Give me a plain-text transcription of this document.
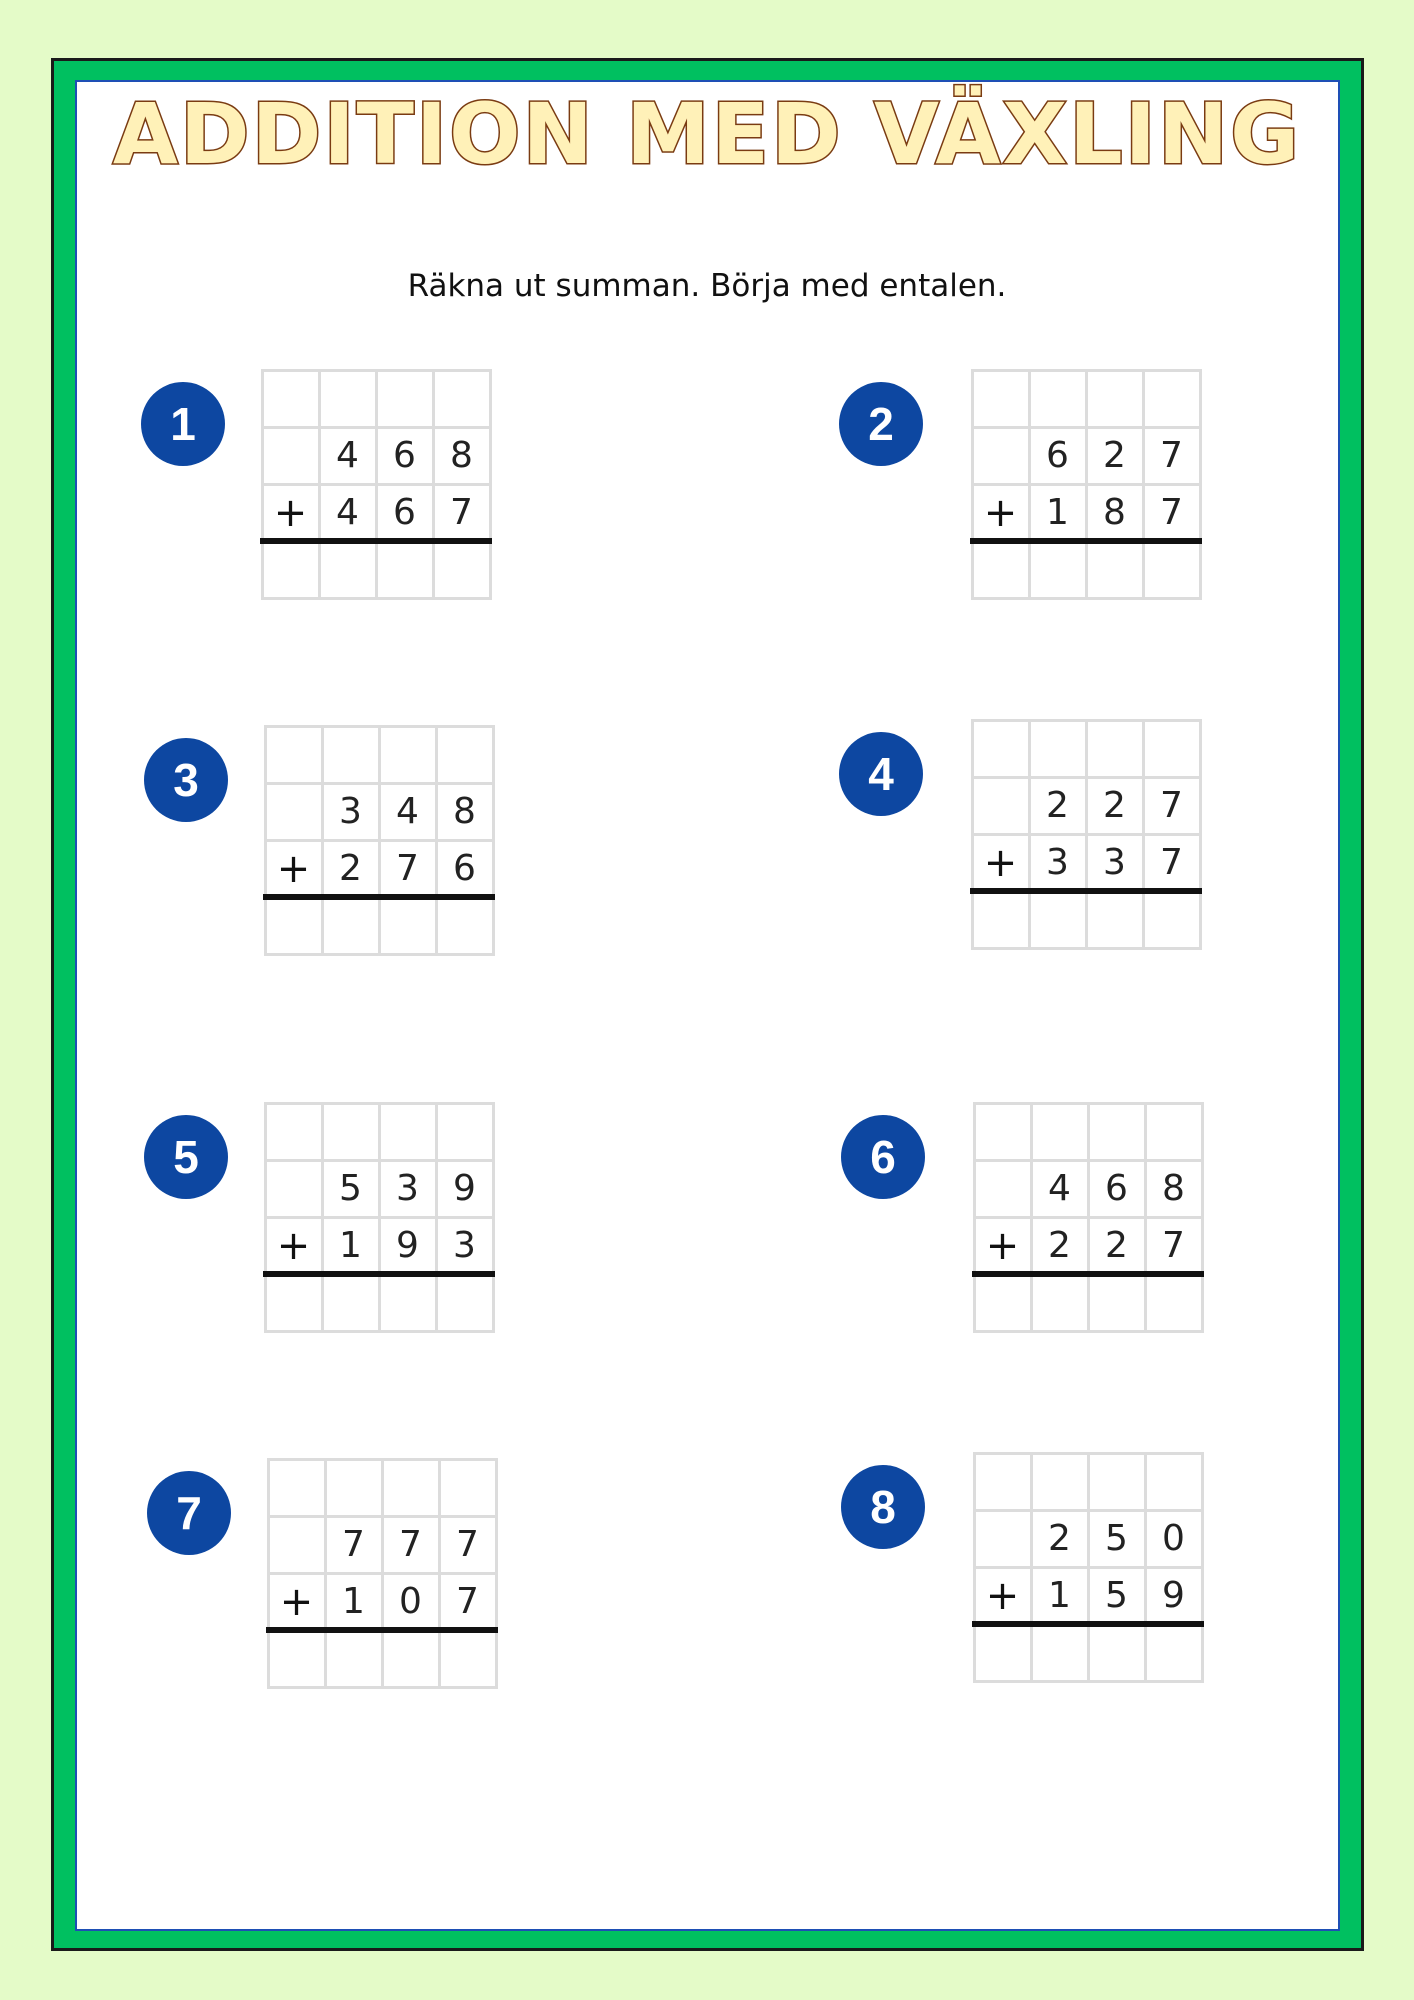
ADDITION MED VÄXLING

Räkna ut summan. Börja med entalen.

1
4 6 8
+ 4 6 7
2
6 2 7
+ 1 8 7
3
3 4 8
+ 2 7 6
4
2 2 7
+ 3 3 7
5
5 3 9
+ 1 9 3
6
4 6 8
+ 2 2 7
7
7 7 7
+ 1 0 7
8
2 5 0
+ 1 5 9
